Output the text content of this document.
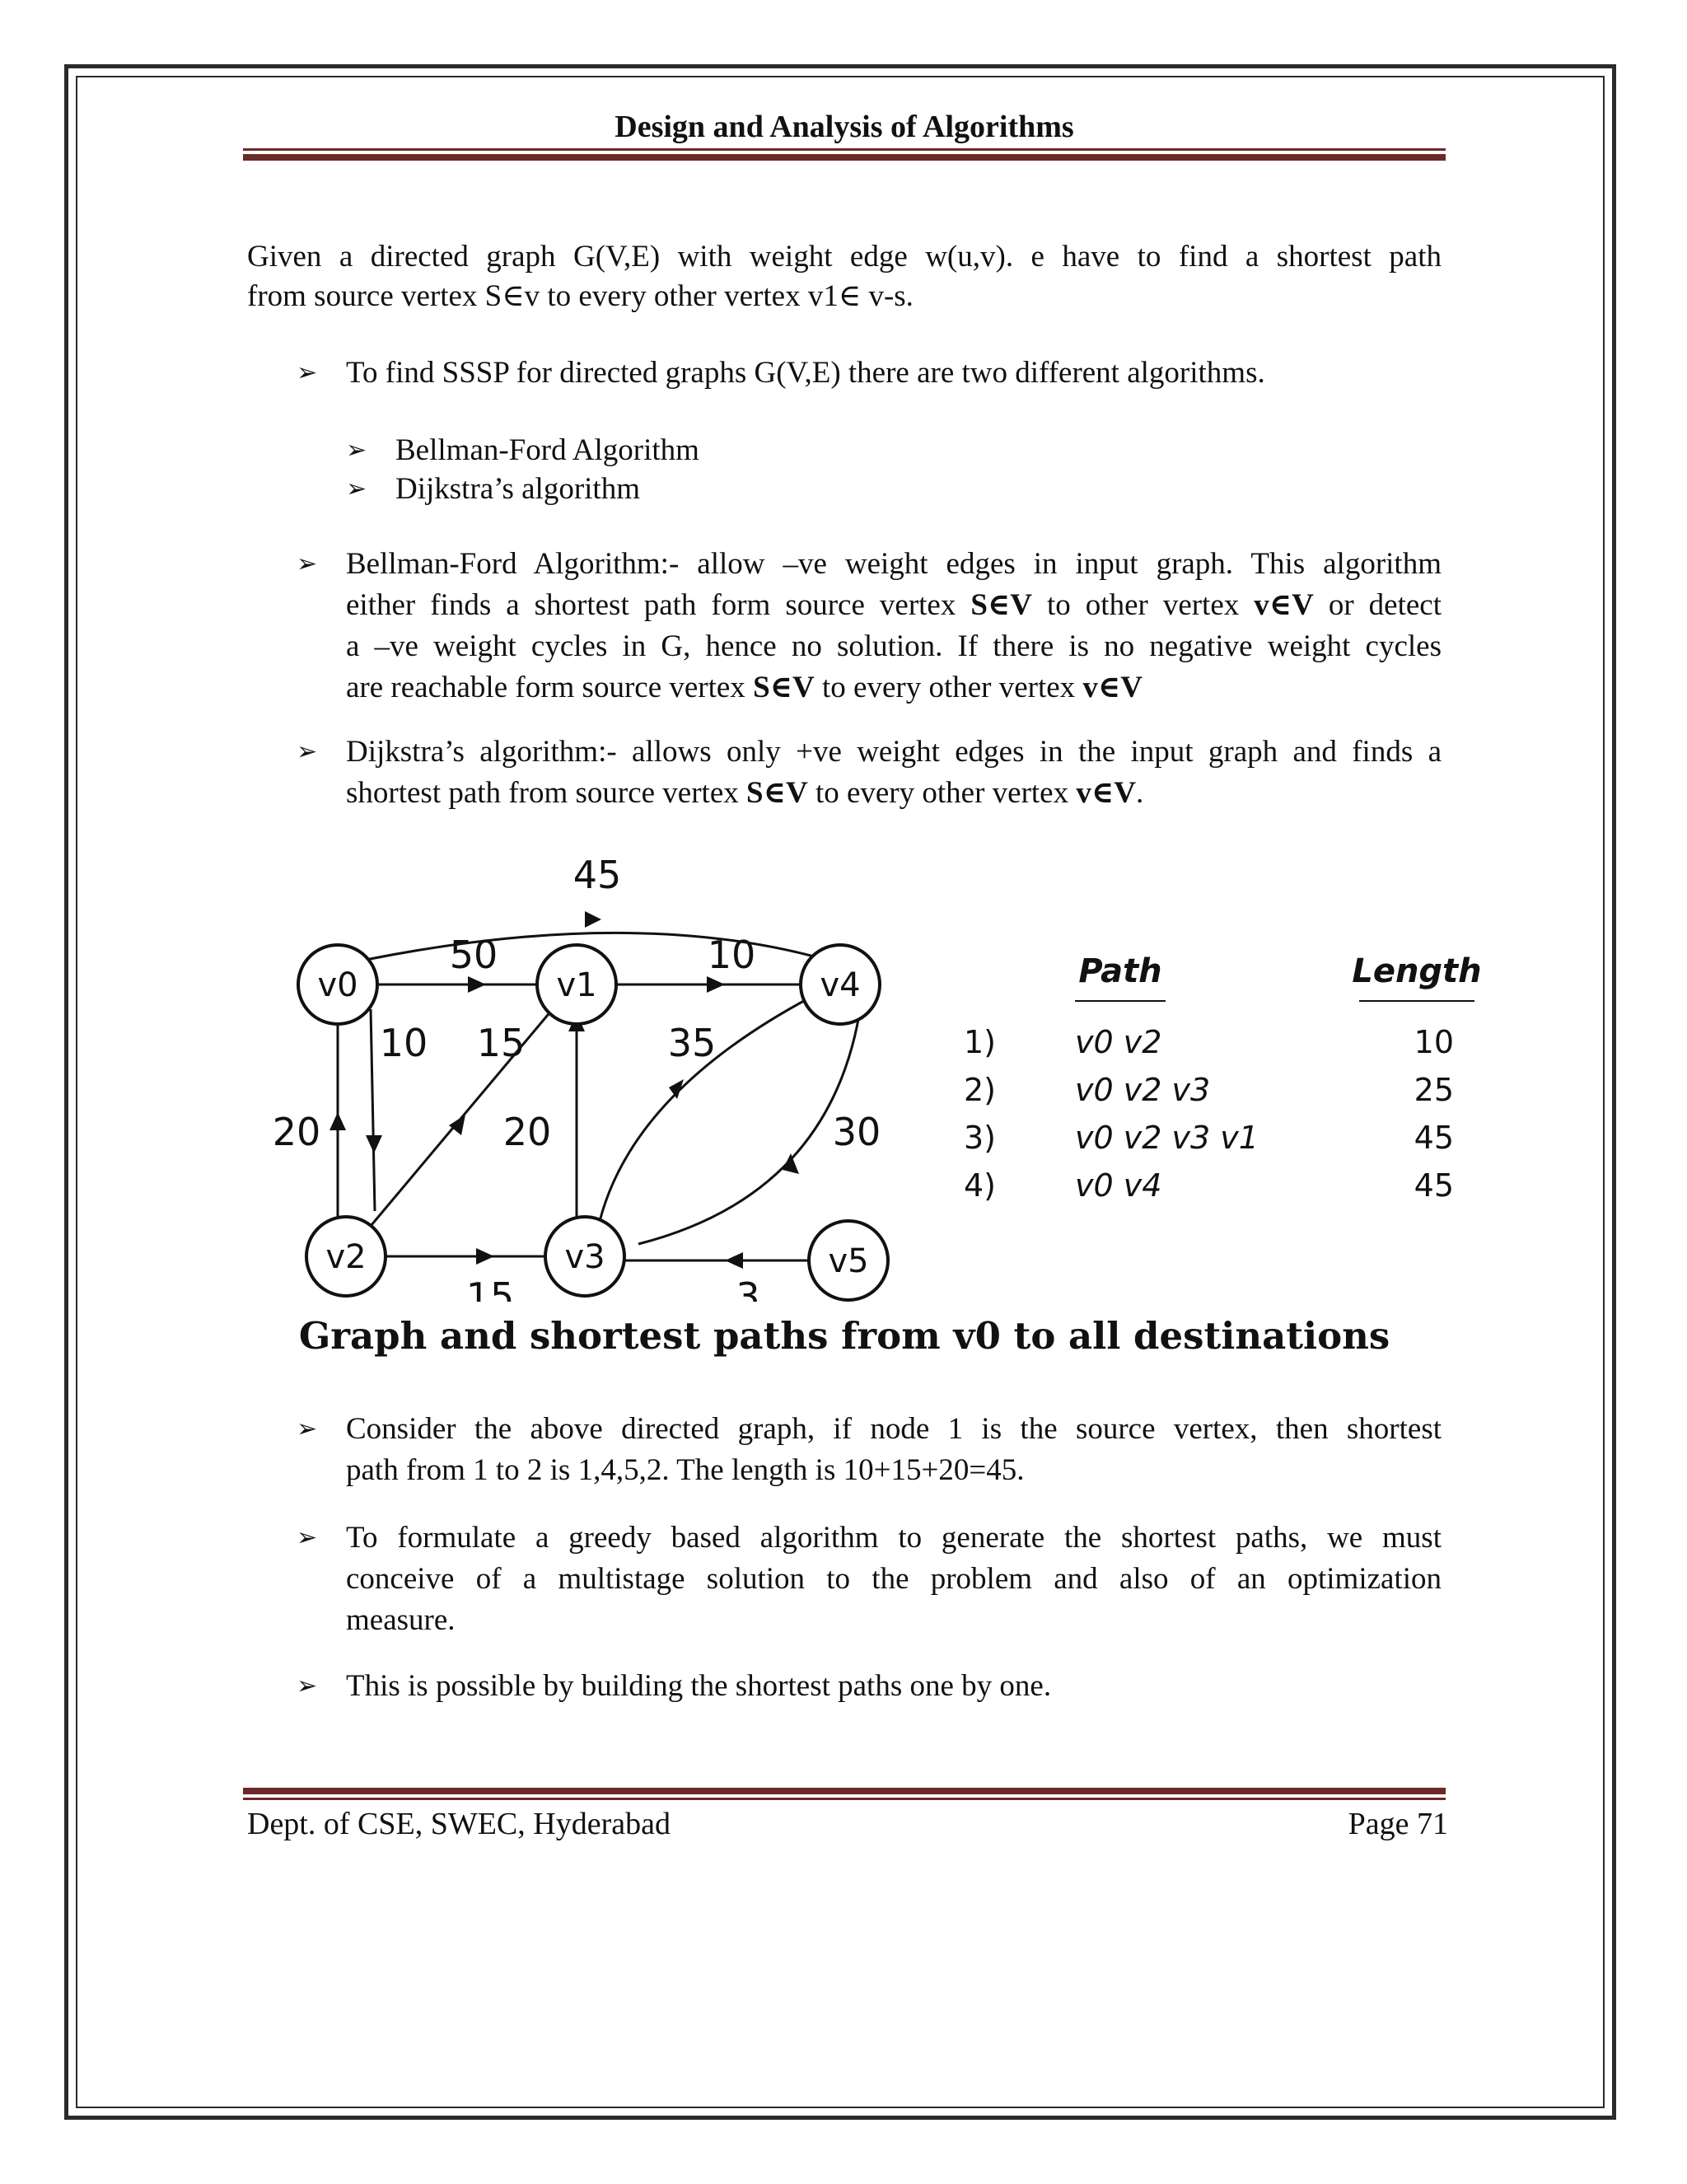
Design and Analysis of Algorithms
Given a directed graph G(V,E) with weight edge w(u,v). e have to find a shortest path
from source vertex S∈v to every other vertex v1∈ v-s.
➢ To find SSSP for directed graphs G(V,E) there are two different algorithms.
➢ Bellman-Ford Algorithm
➢ Dijkstra’s algorithm
➢ Bellman-Ford Algorithm:- allow –ve weight edges in input graph. This algorithm
either finds a shortest path form source vertex S∈V to other vertex v∈V or detect
a –ve weight cycles in G, hence no solution. If there is no negative weight cycles
are reachable form source vertex S∈V to every other vertex v∈V
➢ Dijkstra’s algorithm:- allows only +ve weight edges in the input graph and finds a
shortest path from source vertex S∈V to every other vertex v∈V.
v0	v1	v4
v2	v3	v5
45
50	10
10
20
15
20
35
30
15	3
Path	Length
1)	v0 v2	10
2)	v0 v2 v3	25
3)	v0 v2 v3 v1	45
4)	v0 v4	45
Graph and shortest paths from v0 to all destinations
➢ Consider the above directed graph, if node 1 is the source vertex, then shortest
path from 1 to 2 is 1,4,5,2. The length is 10+15+20=45.
➢ To formulate a greedy based algorithm to generate the shortest paths, we must
conceive of a multistage solution to the problem and also of an optimization
measure.
➢ This is possible by building the shortest paths one by one.
Dept. of CSE, SWEC, Hyderabad	Page 71
